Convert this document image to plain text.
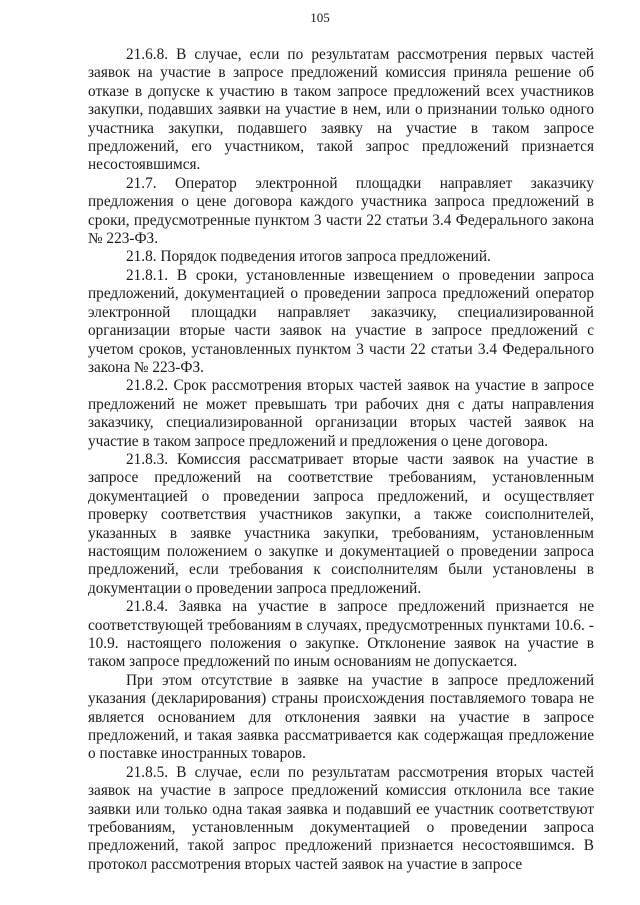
105

21.6.8. В случае, если по результатам рассмотрения первых частей заявок на участие в запросе предложений комиссия приняла решение об отказе в допуске к участию в таком запросе предложений всех участников закупки, подавших заявки на участие в нем, или о признании только одного участника закупки, подавшего заявку на участие в таком запросе предложений, его участником, такой запрос предложений признается несостоявшимся.

21.7. Оператор электронной площадки направляет заказчику предложения о цене договора каждого участника запроса предложений в сроки, предусмотренные пунктом 3 части 22 статьи 3.4 Федерального закона № 223-ФЗ.

21.8. Порядок подведения итогов запроса предложений.

21.8.1. В сроки, установленные извещением о проведении запроса предложений, документацией о проведении запроса предложений оператор электронной площадки направляет заказчику, специализированной организации вторые части заявок на участие в запросе предложений с учетом сроков, установленных пунктом 3 части 22 статьи 3.4 Федерального закона № 223-ФЗ.

21.8.2. Срок рассмотрения вторых частей заявок на участие в запросе предложений не может превышать три рабочих дня с даты направления заказчику, специализированной организации вторых частей заявок на участие в таком запросе предложений и предложения о цене договора.

21.8.3. Комиссия рассматривает вторые части заявок на участие в запросе предложений на соответствие требованиям, установленным документацией о проведении запроса предложений, и осуществляет проверку соответствия участников закупки, а также соисполнителей, указанных в заявке участника закупки, требованиям, установленным настоящим положением о закупке и документацией о проведении запроса предложений, если требования к соисполнителям были установлены в документации о проведении запроса предложений.

21.8.4. Заявка на участие в запросе предложений признается не соответствующей требованиям в случаях, предусмотренных пунктами 10.6. - 10.9. настоящего положения о закупке. Отклонение заявок на участие в таком запросе предложений по иным основаниям не допускается.

При этом отсутствие в заявке на участие в запросе предложений указания (декларирования) страны происхождения поставляемого товара не является основанием для отклонения заявки на участие в запросе предложений, и такая заявка рассматривается как содержащая предложение о поставке иностранных товаров.

21.8.5. В случае, если по результатам рассмотрения вторых частей заявок на участие в запросе предложений комиссия отклонила все такие заявки или только одна такая заявка и подавший ее участник соответствуют требованиям, установленным документацией о проведении запроса предложений, такой запрос предложений признается несостоявшимся. В протокол рассмотрения вторых частей заявок на участие в запросе
